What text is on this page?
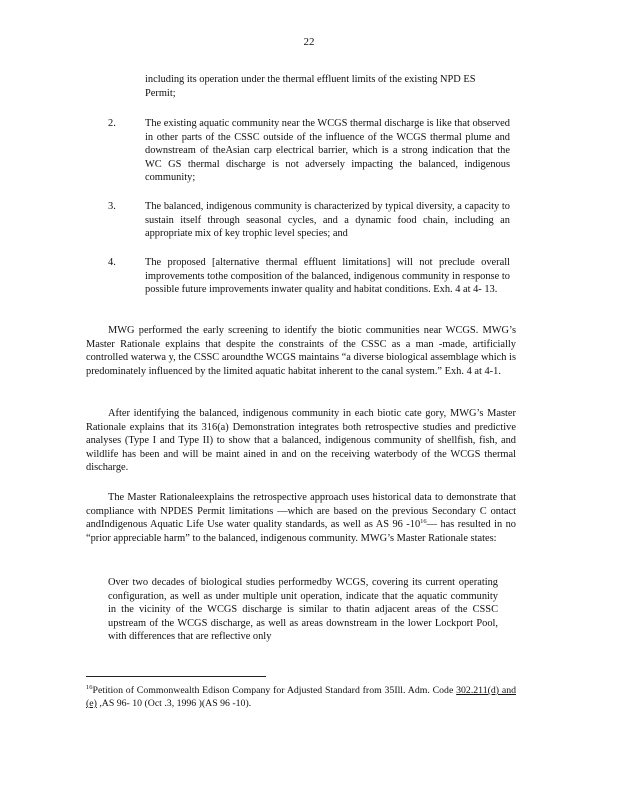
22

including its operation under the thermal effluent limits of the existing NPD ES Permit;

2.	The existing aquatic community near the WCGS thermal discharge is like that observed in other parts of the CSSC outside of the influence of the WCGS thermal plume and downstream of theAsian carp electrical barrier, which is a strong indication that the WC GS thermal discharge is not adversely impacting the balanced, indigenous community;
3.	The balanced, indigenous community is characterized by typical diversity, a capacity to sustain itself through seasonal cycles, and a dynamic food chain, including an appropriate mix of key trophic level species; and
4.	The proposed [alternative thermal effluent limitations] will not preclude overall improvements tothe composition of the balanced, indigenous community in response to possible future improvements inwater quality and habitat conditions. Exh. 4 at 4- 13.

MWG performed the early screening to identify the biotic communities near WCGS. MWG’s Master Rationale explains that despite the constraints of the CSSC as a man -made, artificially controlled waterwa y, the CSSC aroundthe WCGS maintains “a diverse biological assemblage which is predominately influenced by the limited aquatic habitat inherent to the canal system.” Exh. 4 at 4-1.

After identifying the balanced, indigenous community in each biotic cate gory, MWG’s Master Rationale explains that its 316(a) Demonstration integrates both retrospective studies and predictive analyses (Type I and Type II) to show that a balanced, indigenous community of shellfish, fish, and wildlife has been and will be maint ained in and on the receiving waterbody of the WCGS thermal discharge.

The Master Rationaleexplains the retrospective approach uses historical data to demonstrate that compliance with NPDES Permit limitations —which are based on the previous Secondary C ontact andIndigenous Aquatic Life Use water quality standards, as well as AS 96 $-10^{16}—$ has resulted in no “prior appreciable harm” to the balanced, indigenous community. MWG’s Master Rationale states:

Over two decades of biological studies performedby WCGS, covering its current operating configuration, as well as under multiple unit operation, indicate that the aquatic community in the vicinity of the WCGS discharge is similar to thatin adjacent areas of the CSSC upstream of the WCGS discharge, as well as areas downstream in the lower Lockport Pool, with differences that are reflective only

$^{16}$Petition of Commonwealth Edison Company for Adjusted Standard from 35Ill. Adm. Code 302.211(d) and (e) ,AS 96- 10 (Oct .3, 1996 )(AS 96 -10).
